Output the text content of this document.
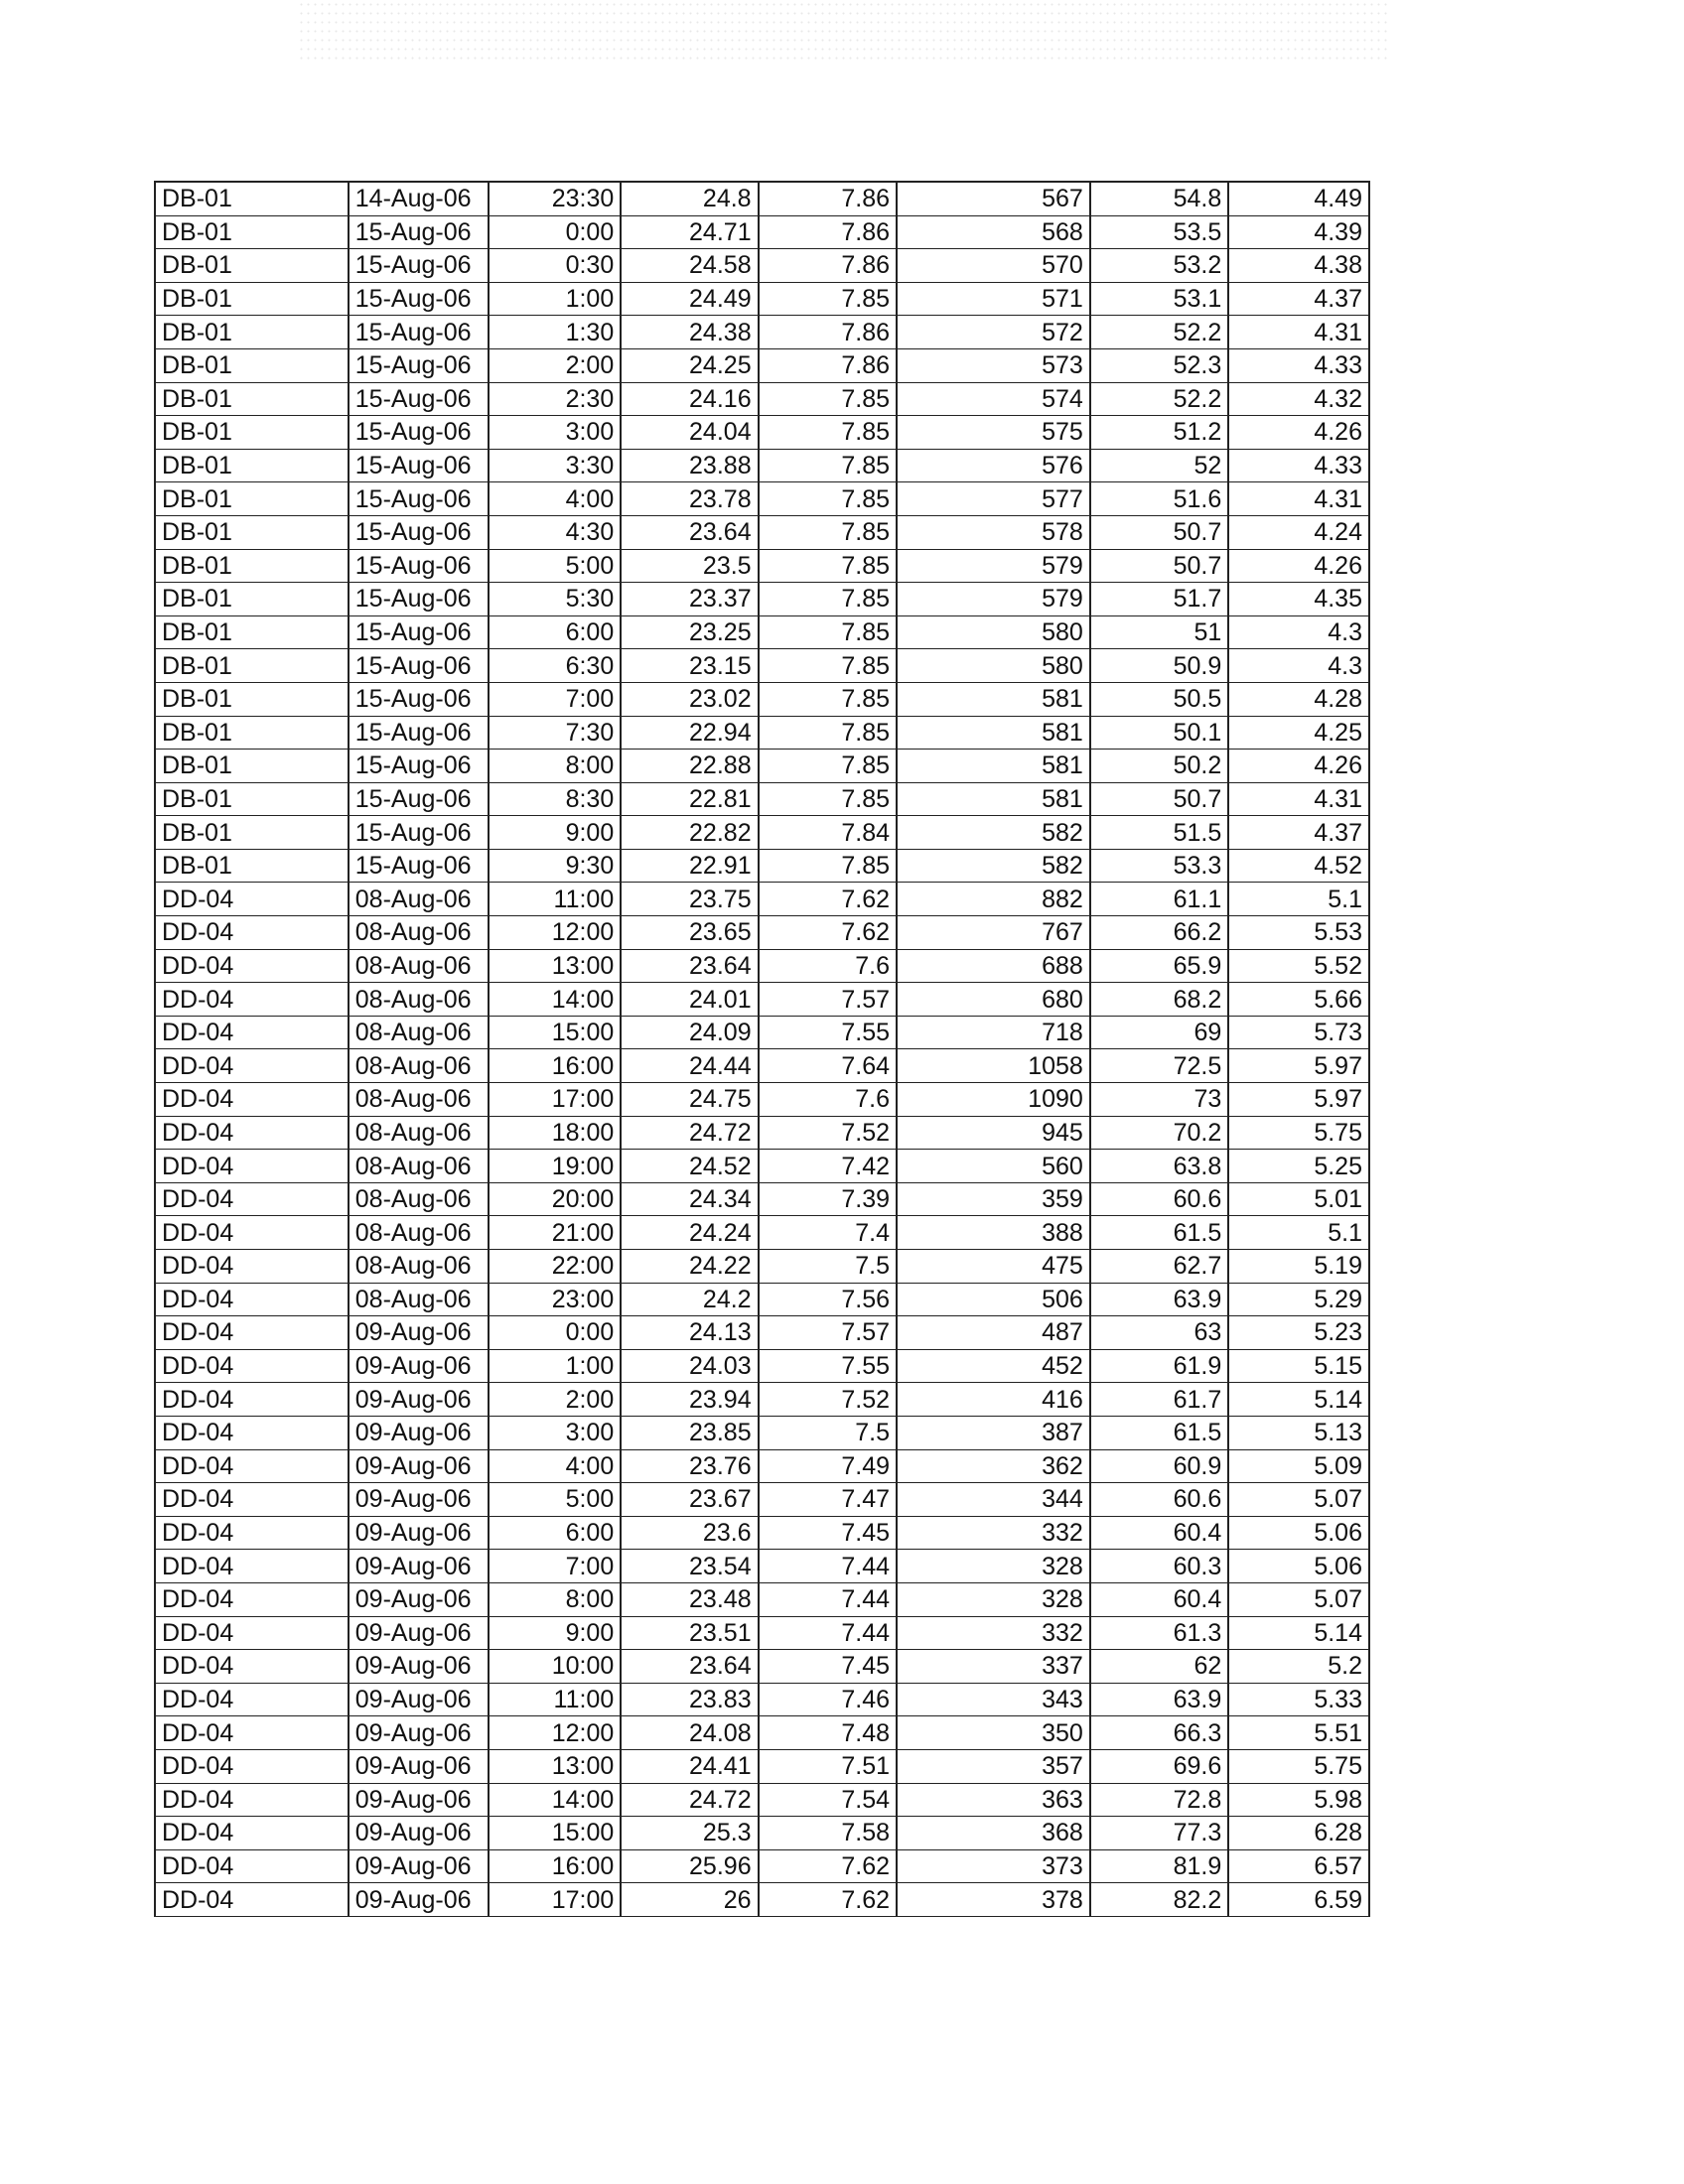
DB-01	14-Aug-06	23:30	24.8	7.86	567	54.8	4.49
DB-01	15-Aug-06	0:00	24.71	7.86	568	53.5	4.39
DB-01	15-Aug-06	0:30	24.58	7.86	570	53.2	4.38
DB-01	15-Aug-06	1:00	24.49	7.85	571	53.1	4.37
DB-01	15-Aug-06	1:30	24.38	7.86	572	52.2	4.31
DB-01	15-Aug-06	2:00	24.25	7.86	573	52.3	4.33
DB-01	15-Aug-06	2:30	24.16	7.85	574	52.2	4.32
DB-01	15-Aug-06	3:00	24.04	7.85	575	51.2	4.26
DB-01	15-Aug-06	3:30	23.88	7.85	576	52	4.33
DB-01	15-Aug-06	4:00	23.78	7.85	577	51.6	4.31
DB-01	15-Aug-06	4:30	23.64	7.85	578	50.7	4.24
DB-01	15-Aug-06	5:00	23.5	7.85	579	50.7	4.26
DB-01	15-Aug-06	5:30	23.37	7.85	579	51.7	4.35
DB-01	15-Aug-06	6:00	23.25	7.85	580	51	4.3
DB-01	15-Aug-06	6:30	23.15	7.85	580	50.9	4.3
DB-01	15-Aug-06	7:00	23.02	7.85	581	50.5	4.28
DB-01	15-Aug-06	7:30	22.94	7.85	581	50.1	4.25
DB-01	15-Aug-06	8:00	22.88	7.85	581	50.2	4.26
DB-01	15-Aug-06	8:30	22.81	7.85	581	50.7	4.31
DB-01	15-Aug-06	9:00	22.82	7.84	582	51.5	4.37
DB-01	15-Aug-06	9:30	22.91	7.85	582	53.3	4.52
DD-04	08-Aug-06	11:00	23.75	7.62	882	61.1	5.1
DD-04	08-Aug-06	12:00	23.65	7.62	767	66.2	5.53
DD-04	08-Aug-06	13:00	23.64	7.6	688	65.9	5.52
DD-04	08-Aug-06	14:00	24.01	7.57	680	68.2	5.66
DD-04	08-Aug-06	15:00	24.09	7.55	718	69	5.73
DD-04	08-Aug-06	16:00	24.44	7.64	1058	72.5	5.97
DD-04	08-Aug-06	17:00	24.75	7.6	1090	73	5.97
DD-04	08-Aug-06	18:00	24.72	7.52	945	70.2	5.75
DD-04	08-Aug-06	19:00	24.52	7.42	560	63.8	5.25
DD-04	08-Aug-06	20:00	24.34	7.39	359	60.6	5.01
DD-04	08-Aug-06	21:00	24.24	7.4	388	61.5	5.1
DD-04	08-Aug-06	22:00	24.22	7.5	475	62.7	5.19
DD-04	08-Aug-06	23:00	24.2	7.56	506	63.9	5.29
DD-04	09-Aug-06	0:00	24.13	7.57	487	63	5.23
DD-04	09-Aug-06	1:00	24.03	7.55	452	61.9	5.15
DD-04	09-Aug-06	2:00	23.94	7.52	416	61.7	5.14
DD-04	09-Aug-06	3:00	23.85	7.5	387	61.5	5.13
DD-04	09-Aug-06	4:00	23.76	7.49	362	60.9	5.09
DD-04	09-Aug-06	5:00	23.67	7.47	344	60.6	5.07
DD-04	09-Aug-06	6:00	23.6	7.45	332	60.4	5.06
DD-04	09-Aug-06	7:00	23.54	7.44	328	60.3	5.06
DD-04	09-Aug-06	8:00	23.48	7.44	328	60.4	5.07
DD-04	09-Aug-06	9:00	23.51	7.44	332	61.3	5.14
DD-04	09-Aug-06	10:00	23.64	7.45	337	62	5.2
DD-04	09-Aug-06	11:00	23.83	7.46	343	63.9	5.33
DD-04	09-Aug-06	12:00	24.08	7.48	350	66.3	5.51
DD-04	09-Aug-06	13:00	24.41	7.51	357	69.6	5.75
DD-04	09-Aug-06	14:00	24.72	7.54	363	72.8	5.98
DD-04	09-Aug-06	15:00	25.3	7.58	368	77.3	6.28
DD-04	09-Aug-06	16:00	25.96	7.62	373	81.9	6.57
DD-04	09-Aug-06	17:00	26	7.62	378	82.2	6.59
